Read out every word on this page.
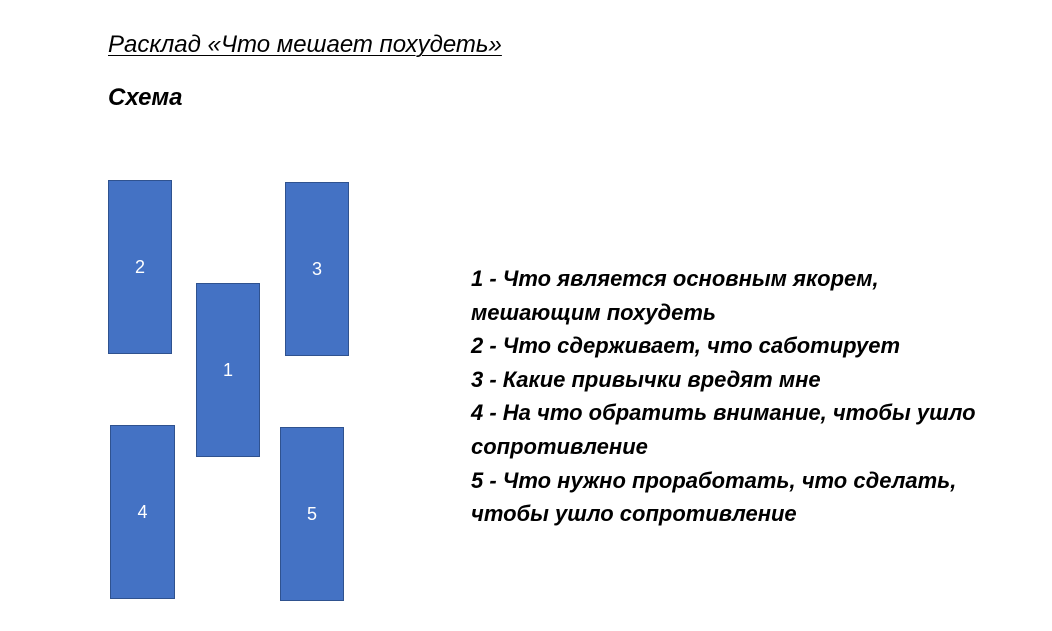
Расклад «Что мешает похудеть»
Схема
2
1
3
4	5
1 - Что является основным якорем,
мешающим похудеть
2 - Что сдерживает, что саботирует
3 - Какие привычки вредят мне
4 - На что обратить внимание, чтобы ушло
сопротивление
5 - Что нужно проработать, что сделать,
чтобы ушло сопротивление
